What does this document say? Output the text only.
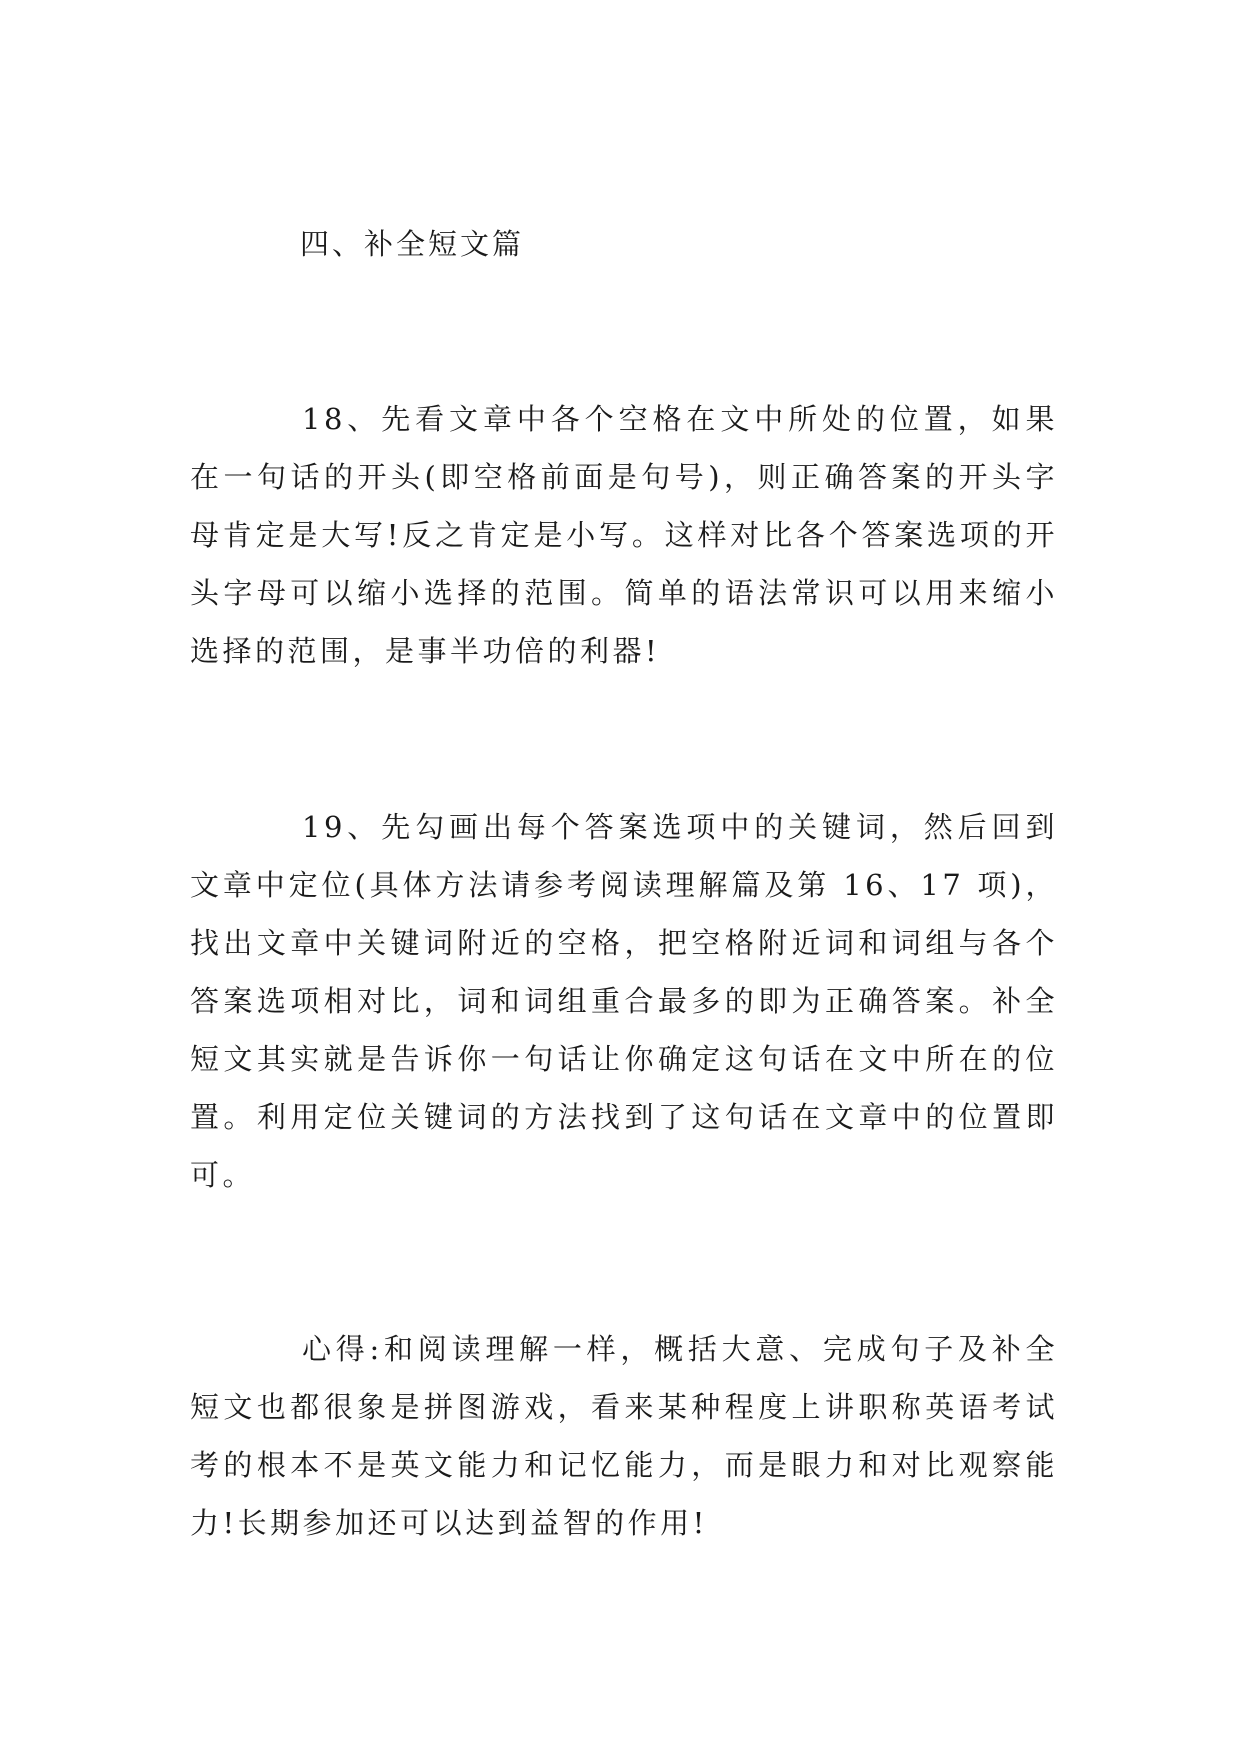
四、补全短文篇

18、先看文章中各个空格在文中所处的位置，如果在一句话的开头(即空格前面是句号)，则正确答案的开头字母肯定是大写!反之肯定是小写。这样对比各个答案选项的开头字母可以缩小选择的范围。简单的语法常识可以用来缩小选择的范围，是事半功倍的利器!

19、先勾画出每个答案选项中的关键词，然后回到文章中定位(具体方法请参考阅读理解篇及第 16、17 项)，找出文章中关键词附近的空格，把空格附近词和词组与各个答案选项相对比，词和词组重合最多的即为正确答案。补全短文其实就是告诉你一句话让你确定这句话在文中所在的位置。利用定位关键词的方法找到了这句话在文章中的位置即可。

心得:和阅读理解一样，概括大意、完成句子及补全短文也都很象是拼图游戏，看来某种程度上讲职称英语考试考的根本不是英文能力和记忆能力，而是眼力和对比观察能力!长期参加还可以达到益智的作用!
